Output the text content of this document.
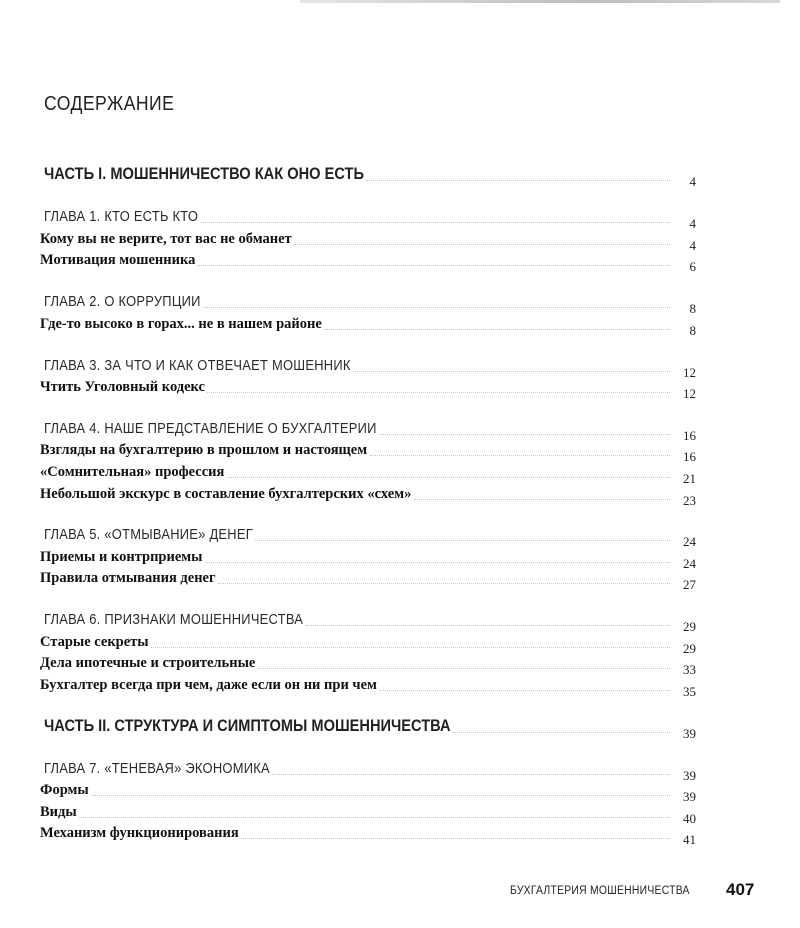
СОДЕРЖАНИЕ
ЧАСТЬ I. МОШЕННИЧЕСТВО КАК ОНО ЕСТЬ	4
ГЛАВА 1. КТО ЕСТЬ КТО	4
Кому вы не верите, тот вас не обманет	4
Мотивация мошенника	6
ГЛАВА 2. О КОРРУПЦИИ	8
Где-то высоко в горах... не в нашем районе	8
ГЛАВА 3. ЗА ЧТО И КАК ОТВЕЧАЕТ МОШЕННИК	12
Чтить Уголовный кодекс	12
ГЛАВА 4. НАШЕ ПРЕДСТАВЛЕНИЕ О БУХГАЛТЕРИИ	16
Взгляды на бухгалтерию в прошлом и настоящем	16
«Сомнительная» профессия	21
Небольшой экскурс в составление бухгалтерских «схем»	23
ГЛАВА 5. «ОТМЫВАНИЕ» ДЕНЕГ	24
Приемы и контрприемы	24
Правила отмывания денег	27
ГЛАВА 6. ПРИЗНАКИ МОШЕННИЧЕСТВА	29
Старые секреты	29
Дела ипотечные и строительные	33
Бухгалтер всегда при чем, даже если он ни при чем	35
ЧАСТЬ II. СТРУКТУРА И СИМПТОМЫ МОШЕННИЧЕСТВА	39
ГЛАВА 7. «ТЕНЕВАЯ» ЭКОНОМИКА	39
Формы	39
Виды	40
Механизм функционирования	41
БУХГАЛТЕРИЯ МОШЕННИЧЕСТВА 407
